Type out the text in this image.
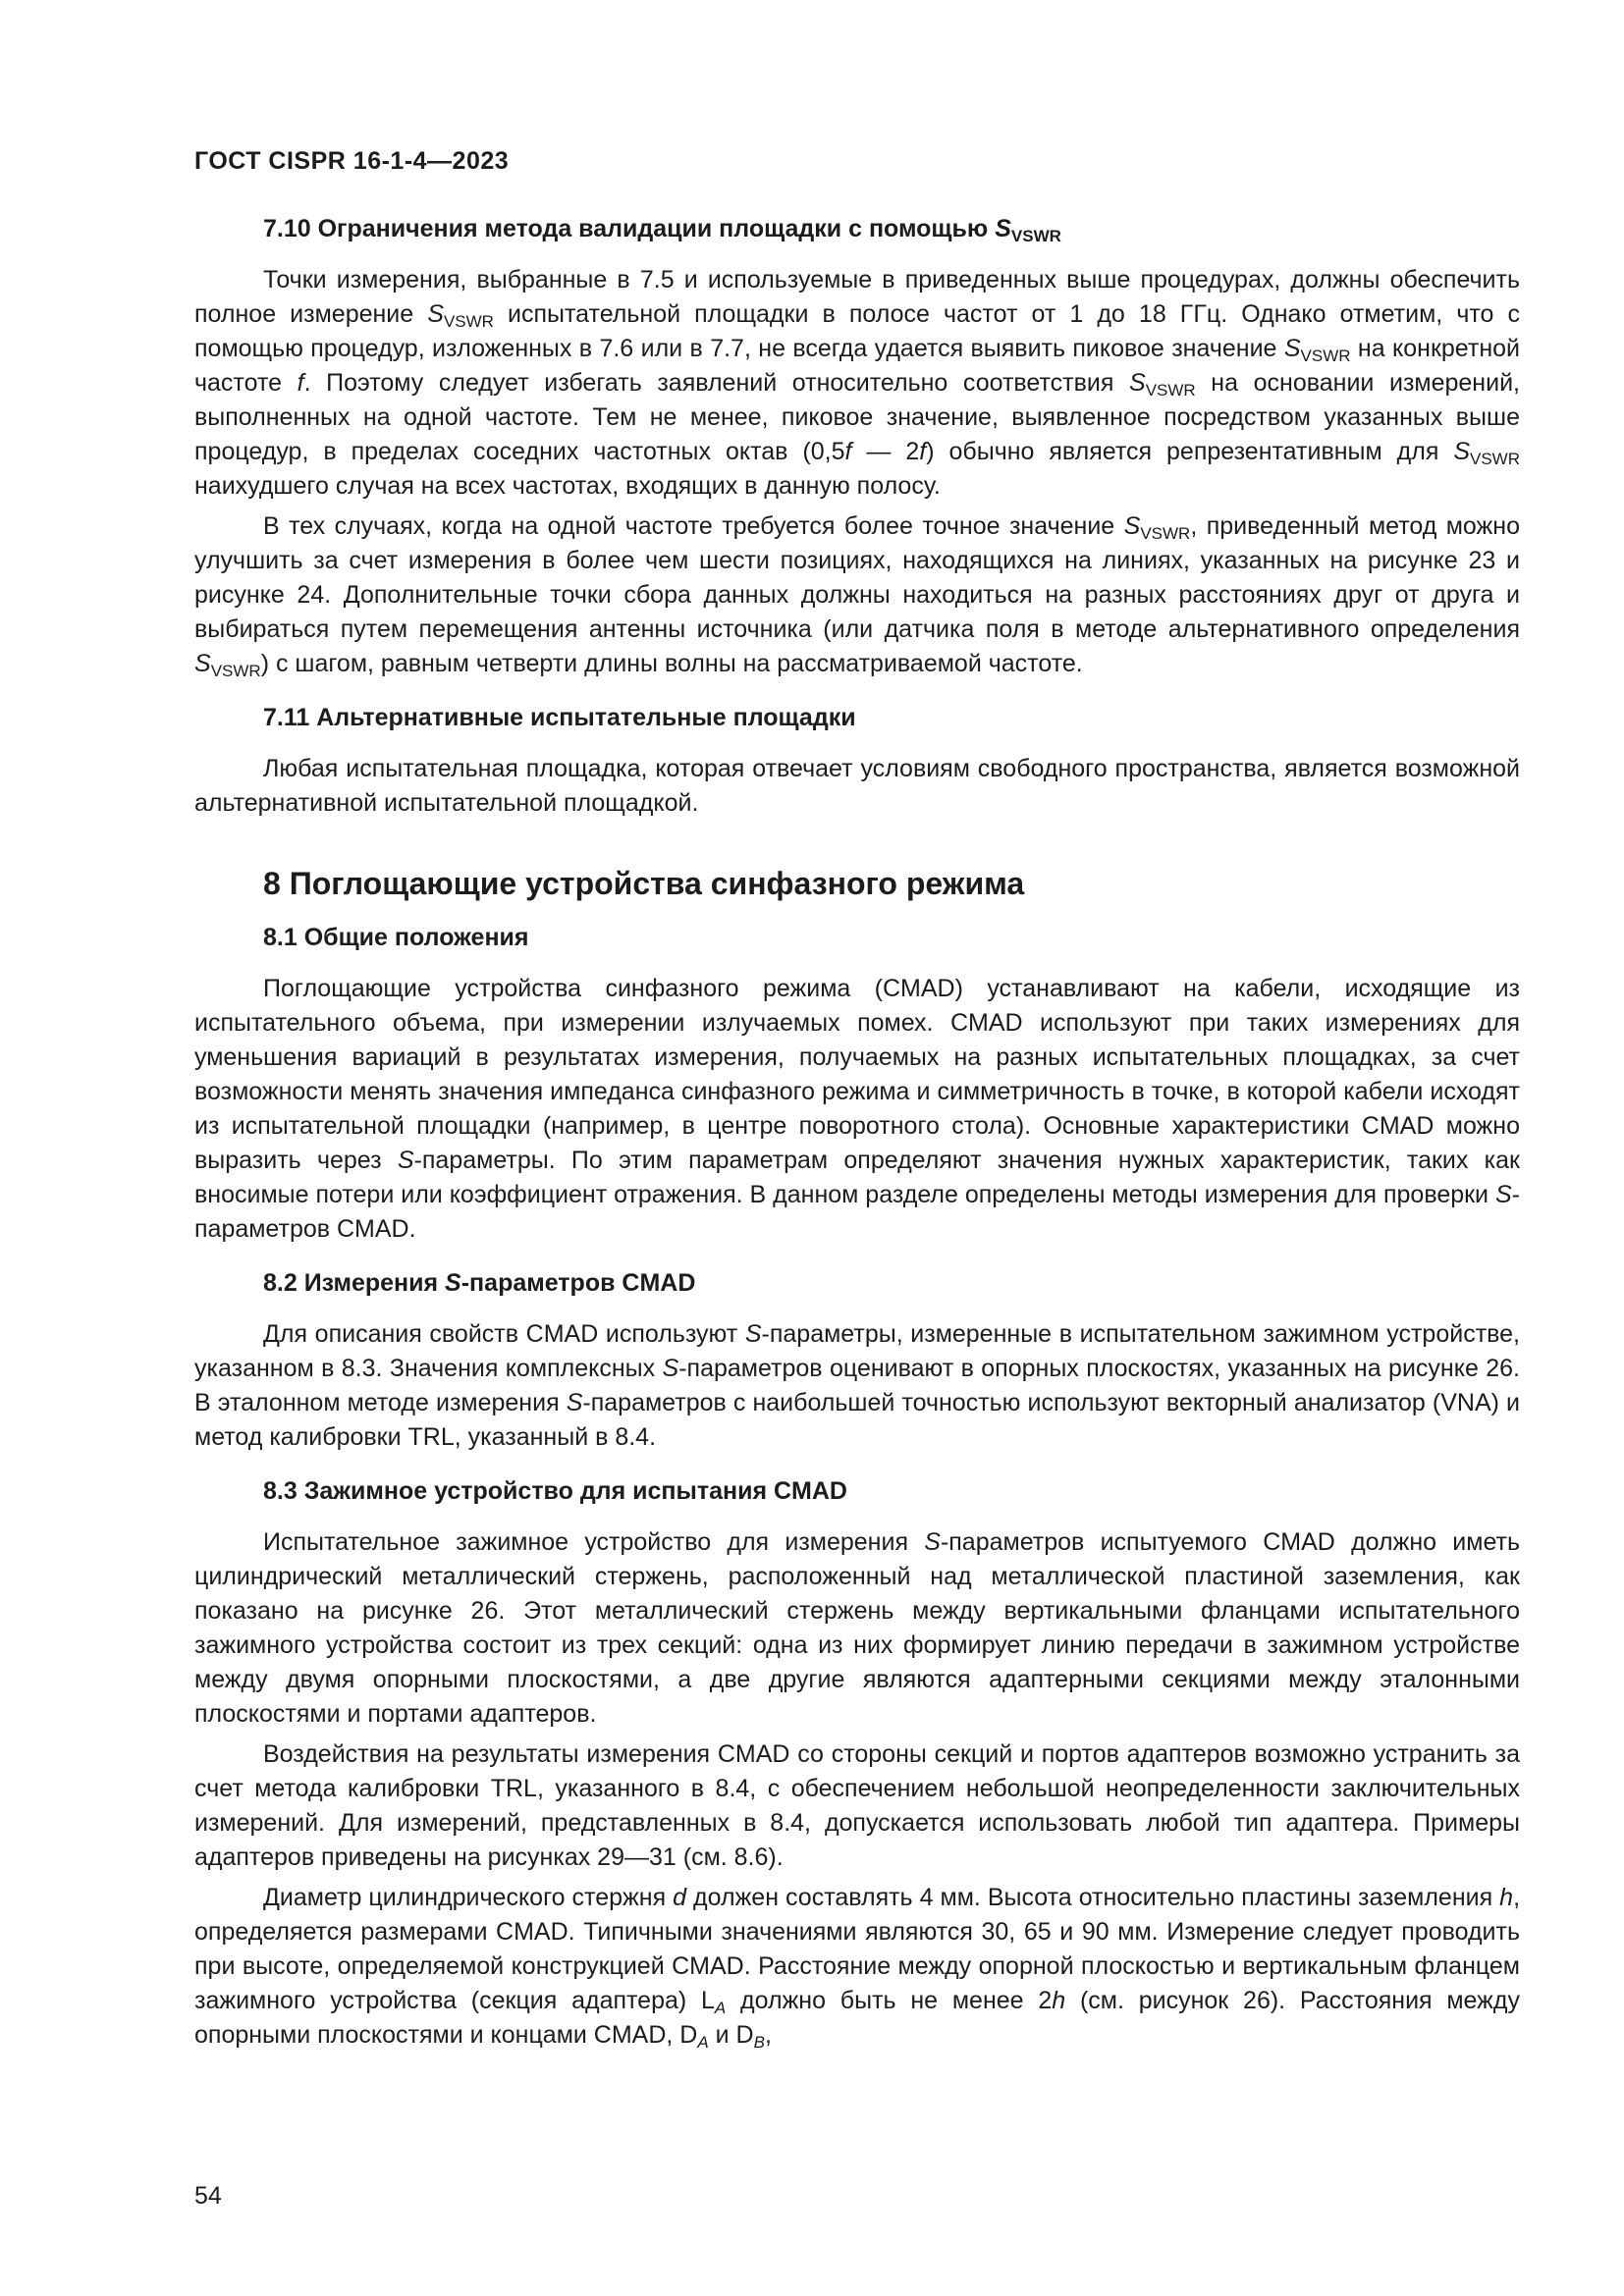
ГОСТ CISPR 16-1-4—2023
7.10 Ограничения метода валидации площадки с помощью $S_{VSWR}$

Точки измерения, выбранные в 7.5 и используемые в приведенных выше процедурах, должны обеспечить полное измерение $S_{VSWR}$ испытательной площадки в полосе частот от 1 до 18 ГГц. Однако отметим, что с помощью процедур, изложенных в 7.6 или в 7.7, не всегда удается выявить пиковое значение $S_{VSWR}$ на конкретной частоте f. Поэтому следует избегать заявлений относительно соответствия $S_{VSWR}$ на основании измерений, выполненных на одной частоте. Тем не менее, пиковое значение, выявленное посредством указанных выше процедур, в пределах соседних частотных октав (0,5f — 2f) обычно является репрезентативным для $S_{VSWR}$ наихудшего случая на всех частотах, входящих в данную полосу.

В тех случаях, когда на одной частоте требуется более точное значение $S_{VSWR}$, приведенный метод можно улучшить за счет измерения в более чем шести позициях, находящихся на линиях, указанных на рисунке 23 и рисунке 24. Дополнительные точки сбора данных должны находиться на разных расстояниях друг от друга и выбираться путем перемещения антенны источника (или датчика поля в методе альтернативного определения $S_{VSWR}$) с шагом, равным четверти длины волны на рассматриваемой частоте.

7.11 Альтернативные испытательные площадки

Любая испытательная площадка, которая отвечает условиям свободного пространства, является возможной альтернативной испытательной площадкой.

8 Поглощающие устройства синфазного режима
8.1 Общие положения

Поглощающие устройства синфазного режима (CMAD) устанавливают на кабели, исходящие из испытательного объема, при измерении излучаемых помех. CMAD используют при таких измерениях для уменьшения вариаций в результатах измерения, получаемых на разных испытательных площадках, за счет возможности менять значения импеданса синфазного режима и симметричность в точке, в которой кабели исходят из испытательной площадки (например, в центре поворотного стола). Основные характеристики CMAD можно выразить через S-параметры. По этим параметрам определяют значения нужных характеристик, таких как вносимые потери или коэффициент отражения. В данном разделе определены методы измерения для проверки S-параметров CMAD.

8.2 Измерения S-параметров CMAD

Для описания свойств CMAD используют S-параметры, измеренные в испытательном зажимном устройстве, указанном в 8.3. Значения комплексных S-параметров оценивают в опорных плоскостях, указанных на рисунке 26. В эталонном методе измерения S-параметров с наибольшей точностью используют векторный анализатор (VNA) и метод калибровки TRL, указанный в 8.4.

8.3 Зажимное устройство для испытания CMAD

Испытательное зажимное устройство для измерения S-параметров испытуемого CMAD должно иметь цилиндрический металлический стержень, расположенный над металлической пластиной заземления, как показано на рисунке 26. Этот металлический стержень между вертикальными фланцами испытательного зажимного устройства состоит из трех секций: одна из них формирует линию передачи в зажимном устройстве между двумя опорными плоскостями, а две другие являются адаптерными секциями между эталонными плоскостями и портами адаптеров.

Воздействия на результаты измерения CMAD со стороны секций и портов адаптеров возможно устранить за счет метода калибровки TRL, указанного в 8.4, с обеспечением небольшой неопределенности заключительных измерений. Для измерений, представленных в 8.4, допускается использовать любой тип адаптера. Примеры адаптеров приведены на рисунках 29—31 (см. 8.6).

Диаметр цилиндрического стержня d должен составлять 4 мм. Высота относительно пластины заземления h, определяется размерами CMAD. Типичными значениями являются 30, 65 и 90 мм. Измерение следует проводить при высоте, определяемой конструкцией CMAD. Расстояние между опорной плоскостью и вертикальным фланцем зажимного устройства (секция адаптера) $L_A$ должно быть не менее 2h (см. рисунок 26). Расстояния между опорными плоскостями и концами CMAD, $D_A$ и $D_B$,

54
